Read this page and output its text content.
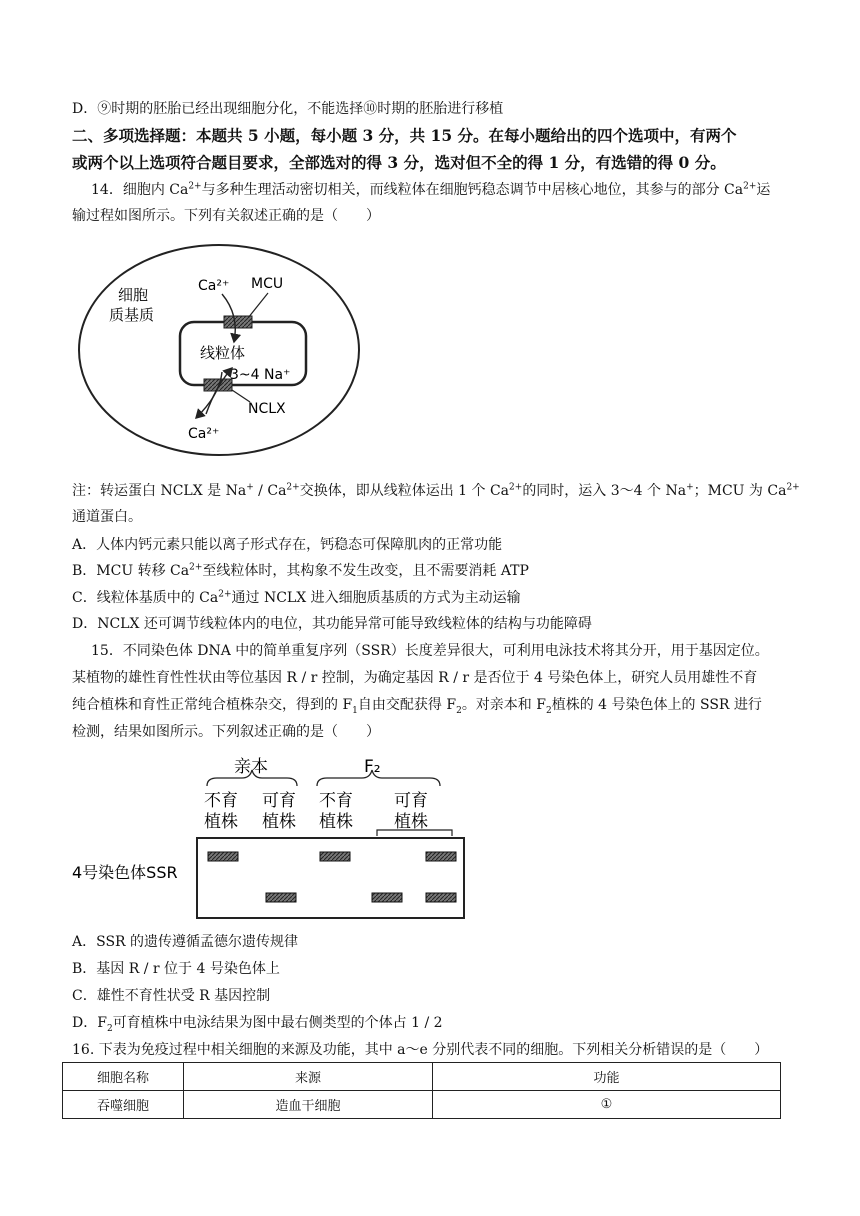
D．⑨时期的胚胎已经出现细胞分化，不能选择⑩时期的胚胎进行移植
二、多项选择题：本题共 5 小题，每小题 3 分，共 15 分。在每小题给出的四个选项中，有两个
或两个以上选项符合题目要求，全部选对的得 3 分，选对但不全的得 1 分，有选错的得 0 分。
14．细胞内 $Ca^{2+}$与多种生理活动密切相关，而线粒体在细胞钙稳态调节中居核心地位，其参与的部分 $Ca^{2+}$运
输过程如图所示。下列有关叙述正确的是（　　）
细胞
质基质
Ca²⁺ MCU
线粒体
3~4 Na⁺
NCLX
Ca²⁺
注：转运蛋白 NCLX 是 $Na^+ / Ca^{2+}$交换体，即从线粒体运出 1 个 $Ca^{2+}$的同时，运入 3～4 个 Na+；MCU 为 $Ca^{2+}$
通道蛋白。
A．人体内钙元素只能以离子形式存在，钙稳态可保障肌肉的正常功能
B．MCU 转移 $Ca^{2+}$至线粒体时，其构象不发生改变，且不需要消耗 ATP
C．线粒体基质中的 $Ca^{2+}$通过 NCLX 进入细胞质基质的方式为主动运输
D．NCLX 还可调节线粒体内的电位，其功能异常可能导致线粒体的结构与功能障碍
15．不同染色体 DNA 中的简单重复序列（SSR）长度差异很大，可利用电泳技术将其分开，用于基因定位。
某植物的雄性育性性状由等位基因 R / r 控制，为确定基因 R / r 是否位于 4 号染色体上，研究人员用雄性不育
纯合植株和育性正常纯合植株杂交，得到的 $F_1$自由交配获得 $F_2$。对亲本和 $F_2$植株的 4 号染色体上的 SSR 进行
检测，结果如图所示。下列叙述正确的是（　　）
亲本	F₂
不育
植株
可育
植株
不育
植株
可育
植株
4号染色体SSR
A．SSR 的遗传遵循孟德尔遗传规律
B．基因 R / r 位于 4 号染色体上
C．雄性不育性状受 R 基因控制
D．$F_2$可育植株中电泳结果为图中最右侧类型的个体占 1 / 2
16. 下表为免疫过程中相关细胞的来源及功能，其中 a～e 分别代表不同的细胞。下列相关分析错误的是（　　）
细胞名称	来源	功能
吞噬细胞	造血干细胞	①
